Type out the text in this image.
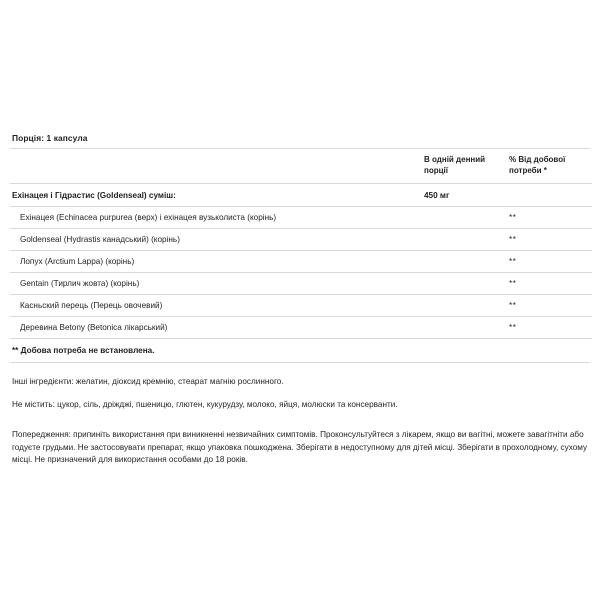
Порція: 1 капсула
	В одній денний порції	% Від добової потреби *
Ехінацея і Гідрастис (Goldenseal) суміш:	450 мг	
Ехінацея (Echinacea purpurea (верх) і ехінацея вузьколиста (корінь)		**
Goldenseal (Hydrastis канадський) (корінь)		**
Лопух (Arctium Lappa) (корінь)		**
Gentain (Тирлич жовта) (корінь)		**
Касньский перець (Перець овочевий)		**
Деревина Betony (Betonica лікарський)		**
** Добова потреба не встановлена.
Інші інгредієнти: желатин, діоксид кремнію, стеарат магнію рослинного.
Не містить: цукор, сіль, дріжджі, пшеницю, глютен, кукурудзу, молоко, яйця, молюски та консерванти.
Попередження: припиніть використання при виникненні незвичайних симптомів. Проконсультуйтеся з лікарем, якщо ви вагітні, можете завагітніти або годуєте грудьми. Не застосовувати препарат, якщо упаковка пошкоджена. Зберігати в недоступному для дітей місці. Зберігати в прохолодному, сухому місці. Не призначений для використання особами до 18 років.
